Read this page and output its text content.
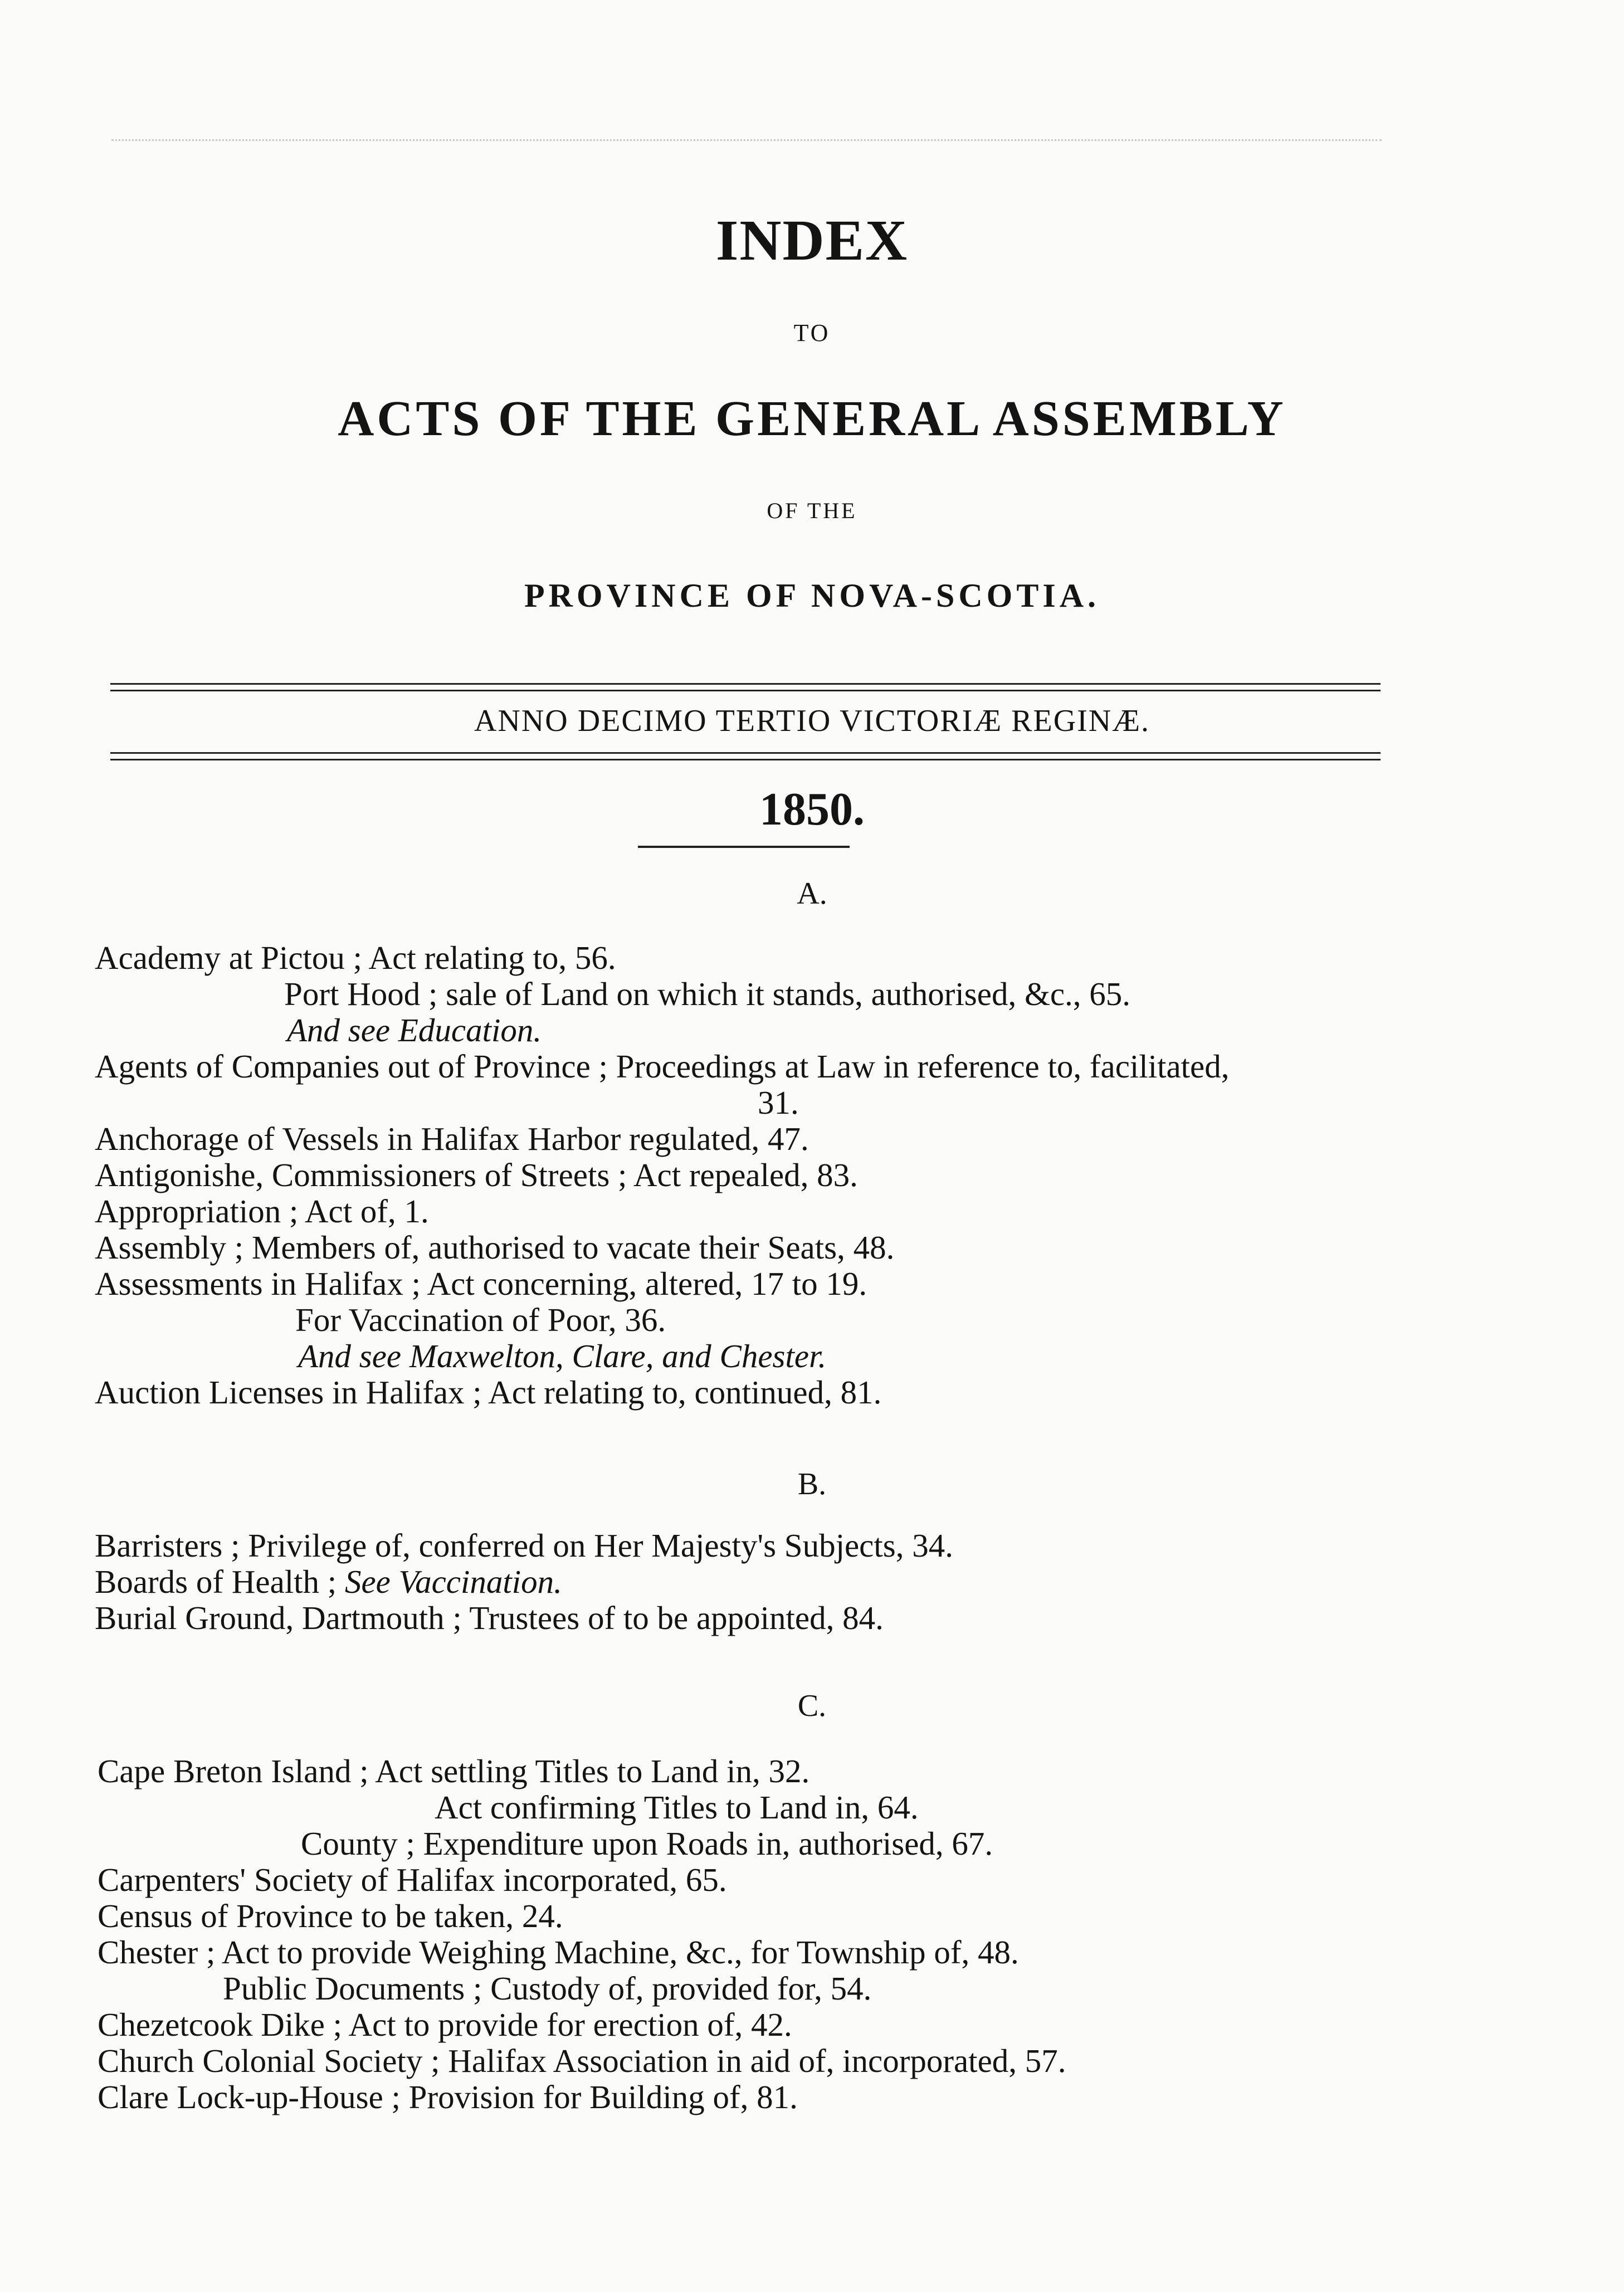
INDEX
TO
ACTS OF THE GENERAL ASSEMBLY
OF THE
PROVINCE OF NOVA-SCOTIA.
ANNO DECIMO TERTIO VICTORIÆ REGINÆ.
1850.
A.
Academy at Pictou ; Act relating to, 56.
Port Hood ; sale of Land on which it stands, authorised, &c., 65.
And see Education.
Agents of Companies out of Province ; Proceedings at Law in reference to, facilitated,
31.
Anchorage of Vessels in Halifax Harbor regulated, 47.
Antigonishe, Commissioners of Streets ; Act repealed, 83.
Appropriation ; Act of, 1.
Assembly ; Members of, authorised to vacate their Seats, 48.
Assessments in Halifax ; Act concerning, altered, 17 to 19.
For Vaccination of Poor, 36.
And see Maxwelton, Clare, and Chester.
Auction Licenses in Halifax ; Act relating to, continued, 81.
B.
Barristers ; Privilege of, conferred on Her Majesty's Subjects, 34.
Boards of Health ; See Vaccination.
Burial Ground, Dartmouth ; Trustees of to be appointed, 84.
C.
Cape Breton Island ; Act settling Titles to Land in, 32.
Act confirming Titles to Land in, 64.
County ; Expenditure upon Roads in, authorised, 67.
Carpenters' Society of Halifax incorporated, 65.
Census of Province to be taken, 24.
Chester ; Act to provide Weighing Machine, &c., for Township of, 48.
Public Documents ; Custody of, provided for, 54.
Chezetcook Dike ; Act to provide for erection of, 42.
Church Colonial Society ; Halifax Association in aid of, incorporated, 57.
Clare Lock-up-House ; Provision for Building of, 81.
